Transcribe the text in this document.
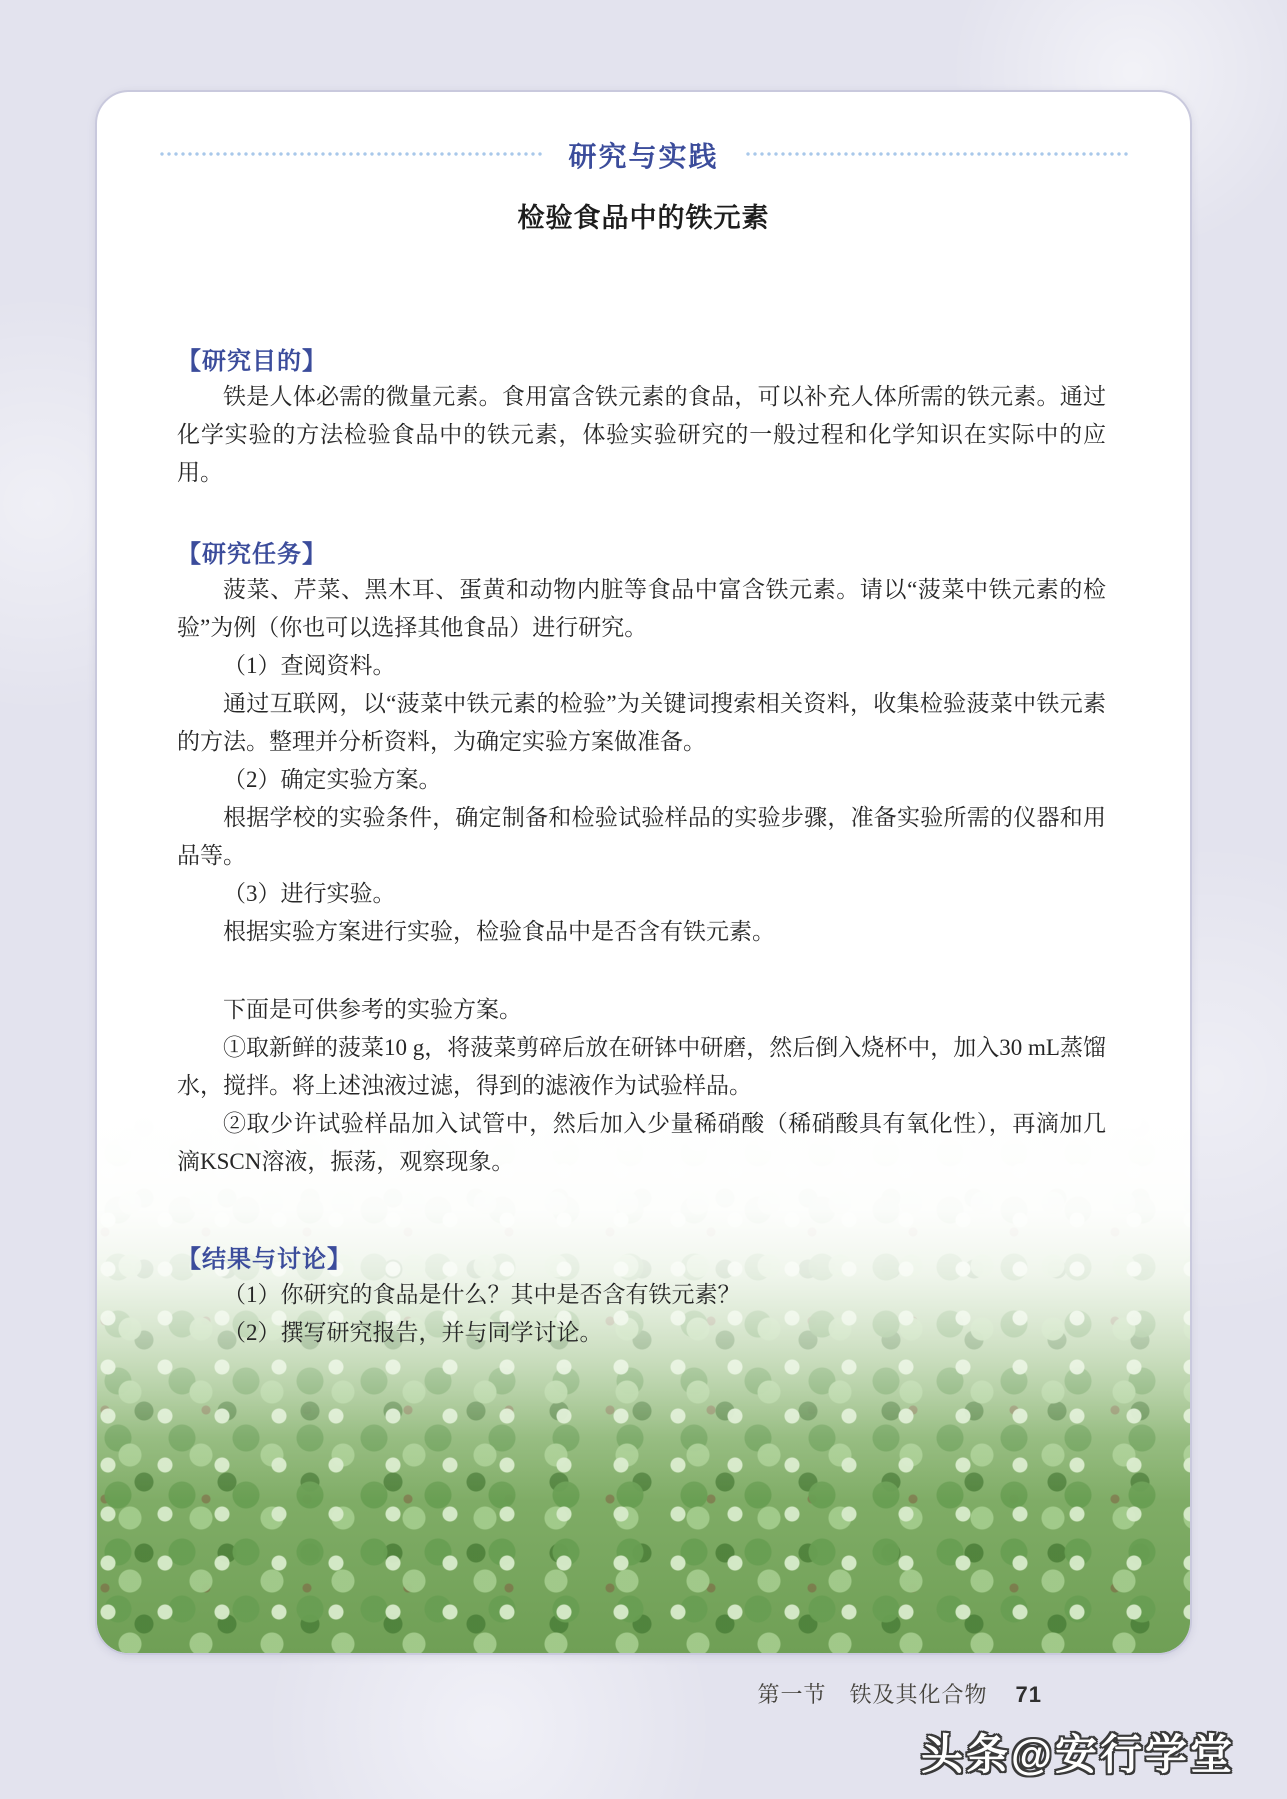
研究与实践
检验食品中的铁元素
【研究目的】

铁是人体必需的微量元素。食用富含铁元素的食品，可以补充人体所需的铁元素。通过化学实验的方法检验食品中的铁元素，体验实验研究的一般过程和化学知识在实际中的应用。

【研究任务】

菠菜、芹菜、黑木耳、蛋黄和动物内脏等食品中富含铁元素。请以“菠菜中铁元素的检验”为例（你也可以选择其他食品）进行研究。

（1）查阅资料。

通过互联网，以“菠菜中铁元素的检验”为关键词搜索相关资料，收集检验菠菜中铁元素的方法。整理并分析资料，为确定实验方案做准备。

（2）确定实验方案。

根据学校的实验条件，确定制备和检验试验样品的实验步骤，准备实验所需的仪器和用品等。

（3）进行实验。

根据实验方案进行实验，检验食品中是否含有铁元素。

下面是可供参考的实验方案。

①取新鲜的菠菜10 g，将菠菜剪碎后放在研钵中研磨，然后倒入烧杯中，加入30 mL蒸馏水，搅拌。将上述浊液过滤，得到的滤液作为试验样品。

②取少许试验样品加入试管中，然后加入少量稀硝酸（稀硝酸具有氧化性），再滴加几滴KSCN溶液，振荡，观察现象。

【结果与讨论】

（1）你研究的食品是什么？其中是否含有铁元素？

（2）撰写研究报告，并与同学讨论。

第一节　铁及其化合物 71
头条@安行学堂
